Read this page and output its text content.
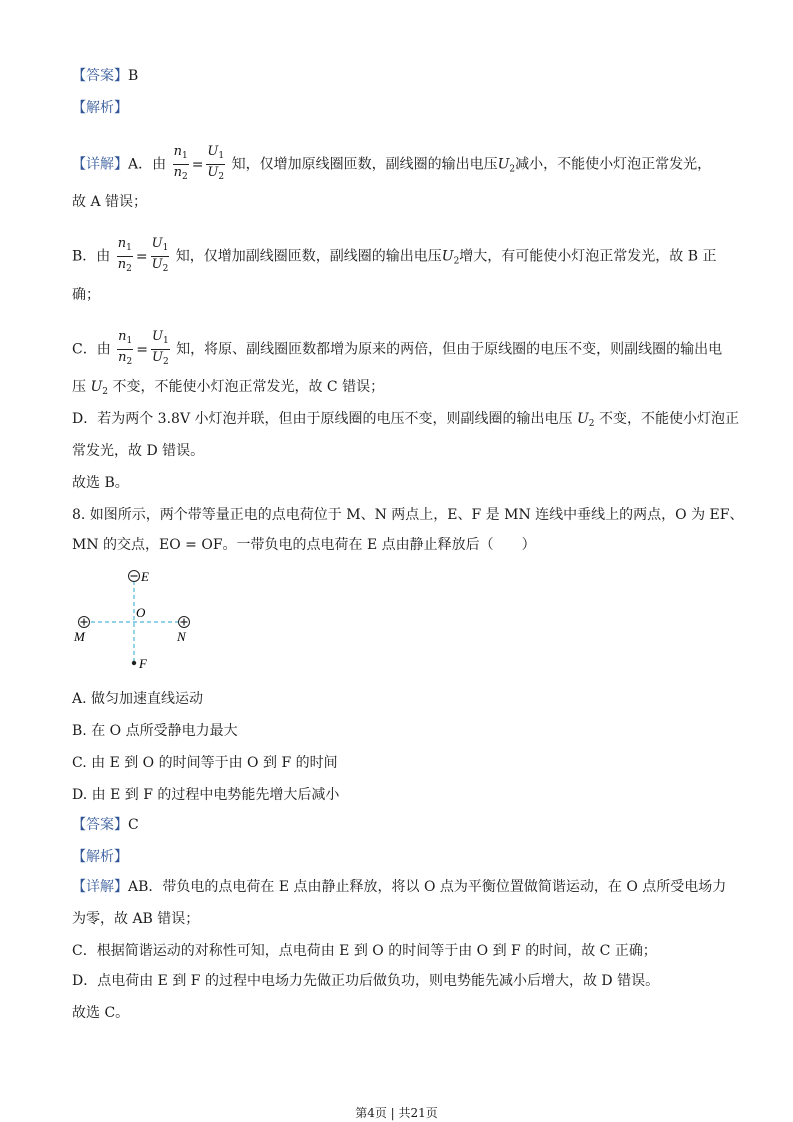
【答案】B
【解析】
【详解】A．由 $\frac{n_1}{n_2} = \frac{U_1}{U_2}$ 知，仅增加原线圈匝数，副线圈的输出电压$U_2$减小，不能使小灯泡正常发光，
故 A 错误；
B．由 $\frac{n_1}{n_2} = \frac{U_1}{U_2}$ 知，仅增加副线圈匝数，副线圈的输出电压$U_2$增大，有可能使小灯泡正常发光，故 B 正
确；
C．由 $\frac{n_1}{n_2} = \frac{U_1}{U_2}$ 知，将原、副线圈匝数都增为原来的两倍，但由于原线圈的电压不变，则副线圈的输出电
压 $U_2$ 不变，不能使小灯泡正常发光，故 C 错误；
D．若为两个 3.8V 小灯泡并联，但由于原线圈的电压不变，则副线圈的输出电压 $U_2$ 不变，不能使小灯泡正
常发光，故 D 错误。
故选 B。
8. 如图所示，两个带等量正电的点电荷位于 M、N 两点上，E、F 是 MN 连线中垂线上的两点，O 为 EF、
MN 的交点，EO = OF。一带负电的点电荷在 E 点由静止释放后（　　）
E
O
M	N
F
A. 做匀加速直线运动
B. 在 O 点所受静电力最大
C. 由 E 到 O 的时间等于由 O 到 F 的时间
D. 由 E 到 F 的过程中电势能先增大后减小
【答案】C
【解析】
【详解】AB．带负电的点电荷在 E 点由静止释放，将以 O 点为平衡位置做简谐运动，在 O 点所受电场力
为零，故 AB 错误；
C．根据简谐运动的对称性可知，点电荷由 E 到 O 的时间等于由 O 到 F 的时间，故 C 正确；
D．点电荷由 E 到 F 的过程中电场力先做正功后做负功，则电势能先减小后增大，故 D 错误。
故选 C。
第4页 | 共21页
